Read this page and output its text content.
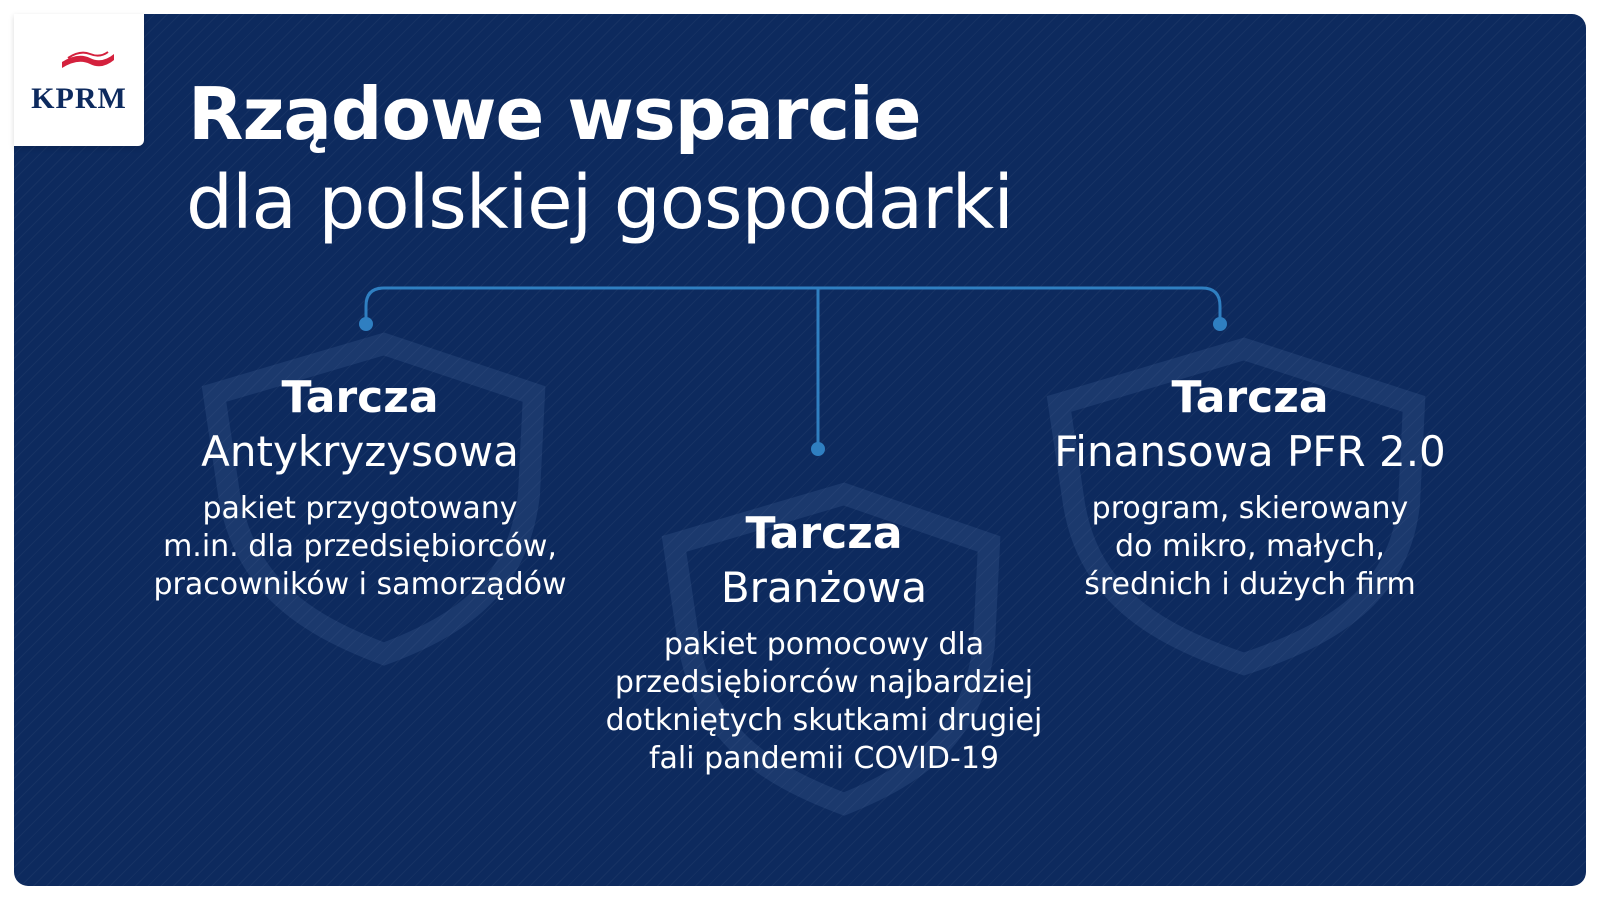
KPRM Rządowe wsparcie
dla polskiej gospodarki
Tarcza
Antykryzysowa
pakiet przygotowany
m.in. dla przedsiębiorców,
pracowników i samorządów
Tarcza
Branżowa
pakiet pomocowy dla
przedsiębiorców najbardziej
dotkniętych skutkami drugiej
fali pandemii COVID-19
Tarcza
Finansowa PFR 2.0
program, skierowany
do mikro, małych,
średnich i dużych firm
